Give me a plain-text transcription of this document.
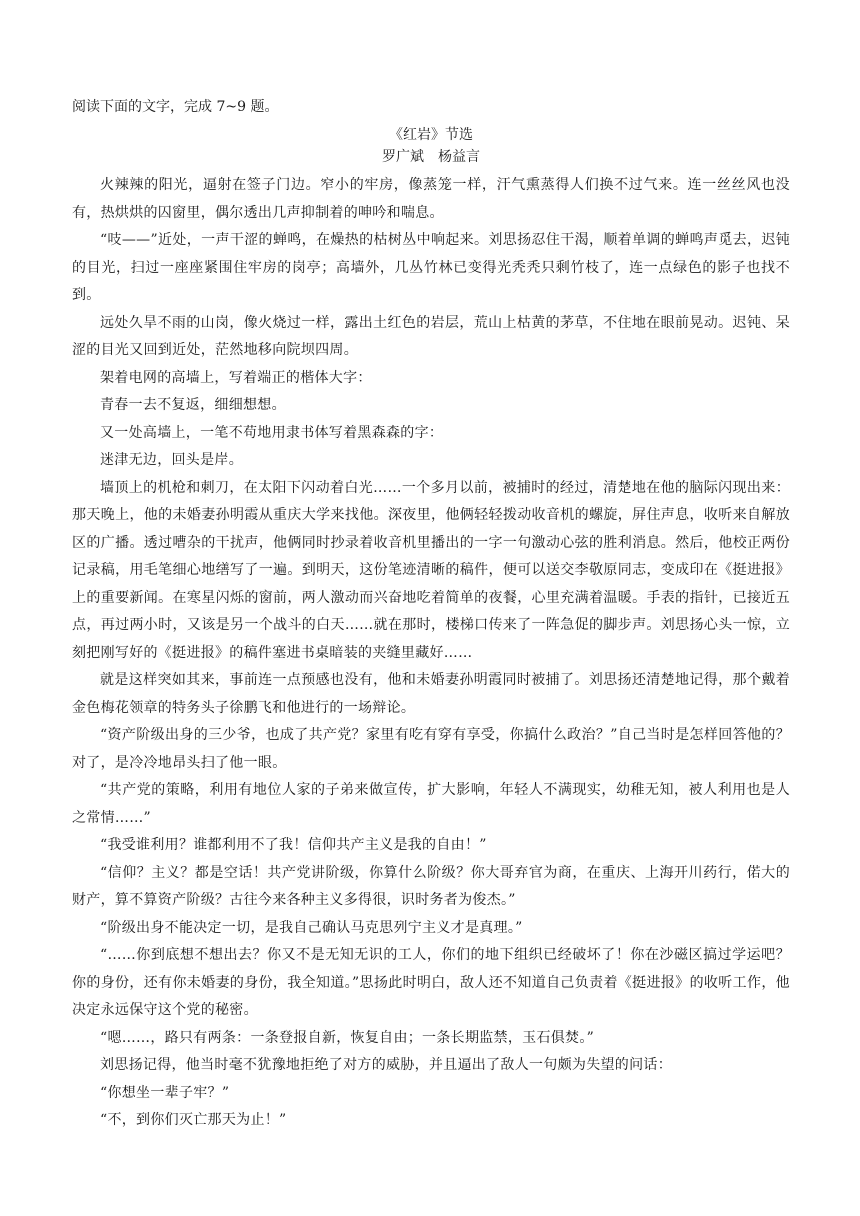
阅读下面的文字，完成 7~9 题。

《红岩》节选

罗广斌　杨益言

火辣辣的阳光，逼射在签子门边。窄小的牢房，像蒸笼一样，汗气熏蒸得人们换不过气来。连一丝丝风也没有，热烘烘的囚窗里，偶尔透出几声抑制着的呻吟和喘息。

“吱——”近处，一声干涩的蝉鸣，在燥热的枯树丛中响起来。刘思扬忍住干渴，顺着单调的蝉鸣声觅去，迟钝的目光，扫过一座座紧围住牢房的岗亭；高墙外，几丛竹林已变得光秃秃只剩竹枝了，连一点绿色的影子也找不到。

远处久旱不雨的山岗，像火烧过一样，露出土红色的岩层，荒山上枯黄的茅草，不住地在眼前晃动。迟钝、呆涩的目光又回到近处，茫然地移向院坝四周。

架着电网的高墙上，写着端正的楷体大字：

青春一去不复返，细细想想。

又一处高墙上，一笔不苟地用隶书体写着黑森森的字：

迷津无边，回头是岸。

墙顶上的机枪和刺刀，在太阳下闪动着白光……一个多月以前，被捕时的经过，清楚地在他的脑际闪现出来：那天晚上，他的未婚妻孙明霞从重庆大学来找他。深夜里，他俩轻轻拨动收音机的螺旋，屏住声息，收听来自解放区的广播。透过嘈杂的干扰声，他俩同时抄录着收音机里播出的一字一句激动心弦的胜利消息。然后，他校正两份记录稿，用毛笔细心地缮写了一遍。到明天，这份笔迹清晰的稿件，便可以送交李敬原同志，变成印在《挺进报》上的重要新闻。在寒星闪烁的窗前，两人激动而兴奋地吃着简单的夜餐，心里充满着温暖。手表的指针，已接近五点，再过两小时，又该是另一个战斗的白天……就在那时，楼梯口传来了一阵急促的脚步声。刘思扬心头一惊，立刻把刚写好的《挺进报》的稿件塞进书桌暗装的夹缝里藏好……

就是这样突如其来，事前连一点预感也没有，他和未婚妻孙明霞同时被捕了。刘思扬还清楚地记得，那个戴着金色梅花领章的特务头子徐鹏飞和他进行的一场辩论。

“资产阶级出身的三少爷，也成了共产党？家里有吃有穿有享受，你搞什么政治？”自己当时是怎样回答他的？对了，是冷冷地昂头扫了他一眼。

“共产党的策略，利用有地位人家的子弟来做宣传，扩大影响，年轻人不满现实，幼稚无知，被人利用也是人之常情……”

“我受谁利用？谁都利用不了我！信仰共产主义是我的自由！”

“信仰？主义？都是空话！共产党讲阶级，你算什么阶级？你大哥弃官为商，在重庆、上海开川药行，偌大的财产，算不算资产阶级？古往今来各种主义多得很，识时务者为俊杰。”

“阶级出身不能决定一切，是我自己确认马克思列宁主义才是真理。”

“……你到底想不想出去？你又不是无知无识的工人，你们的地下组织已经破坏了！你在沙磁区搞过学运吧？你的身份，还有你未婚妻的身份，我全知道。”思扬此时明白，敌人还不知道自己负责着《挺进报》的收听工作，他决定永远保守这个党的秘密。

“嗯……，路只有两条：一条登报自新，恢复自由；一条长期监禁，玉石俱焚。”

刘思扬记得，他当时毫不犹豫地拒绝了对方的威胁，并且逼出了敌人一句颇为失望的问话：

“你想坐一辈子牢？”

“不，到你们灭亡那天为止！”
